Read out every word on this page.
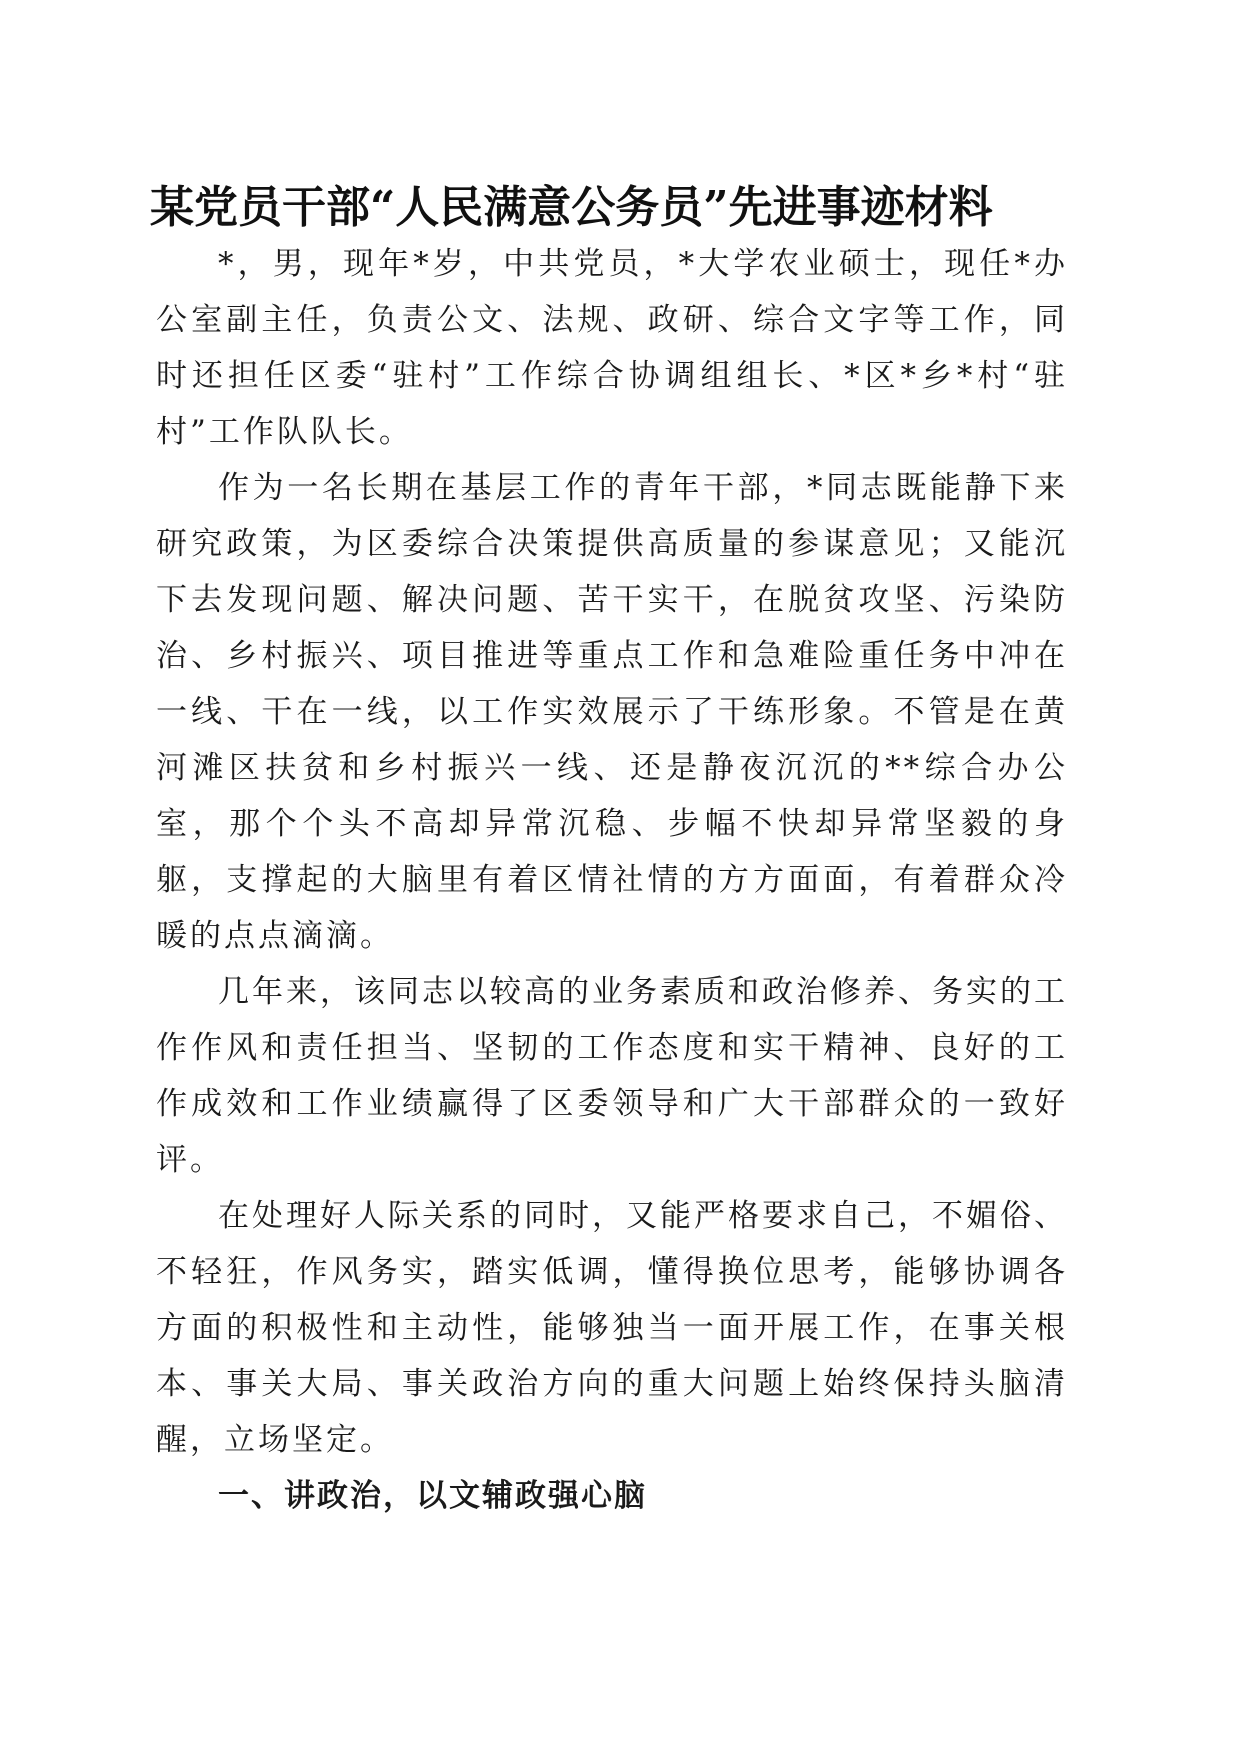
某党员干部“人民满意公务员”先进事迹材料

*，男，现年*岁，中共党员，*大学农业硕士，现任*办公室副主任，负责公文、法规、政研、综合文字等工作，同时还担任区委“驻村”工作综合协调组组长、*区*乡*村“驻村”工作队队长。

作为一名长期在基层工作的青年干部，*同志既能静下来研究政策，为区委综合决策提供高质量的参谋意见；又能沉下去发现问题、解决问题、苦干实干，在脱贫攻坚、污染防治、乡村振兴、项目推进等重点工作和急难险重任务中冲在一线、干在一线，以工作实效展示了干练形象。不管是在黄河滩区扶贫和乡村振兴一线、还是静夜沉沉的**综合办公室，那个个头不高却异常沉稳、步幅不快却异常坚毅的身躯，支撑起的大脑里有着区情社情的方方面面，有着群众冷暖的点点滴滴。

几年来，该同志以较高的业务素质和政治修养、务实的工作作风和责任担当、坚韧的工作态度和实干精神、良好的工作成效和工作业绩赢得了区委领导和广大干部群众的一致好评。

在处理好人际关系的同时，又能严格要求自己，不媚俗、不轻狂，作风务实，踏实低调，懂得换位思考，能够协调各方面的积极性和主动性，能够独当一面开展工作，在事关根本、事关大局、事关政治方向的重大问题上始终保持头脑清醒，立场坚定。

一、讲政治，以文辅政强心脑
